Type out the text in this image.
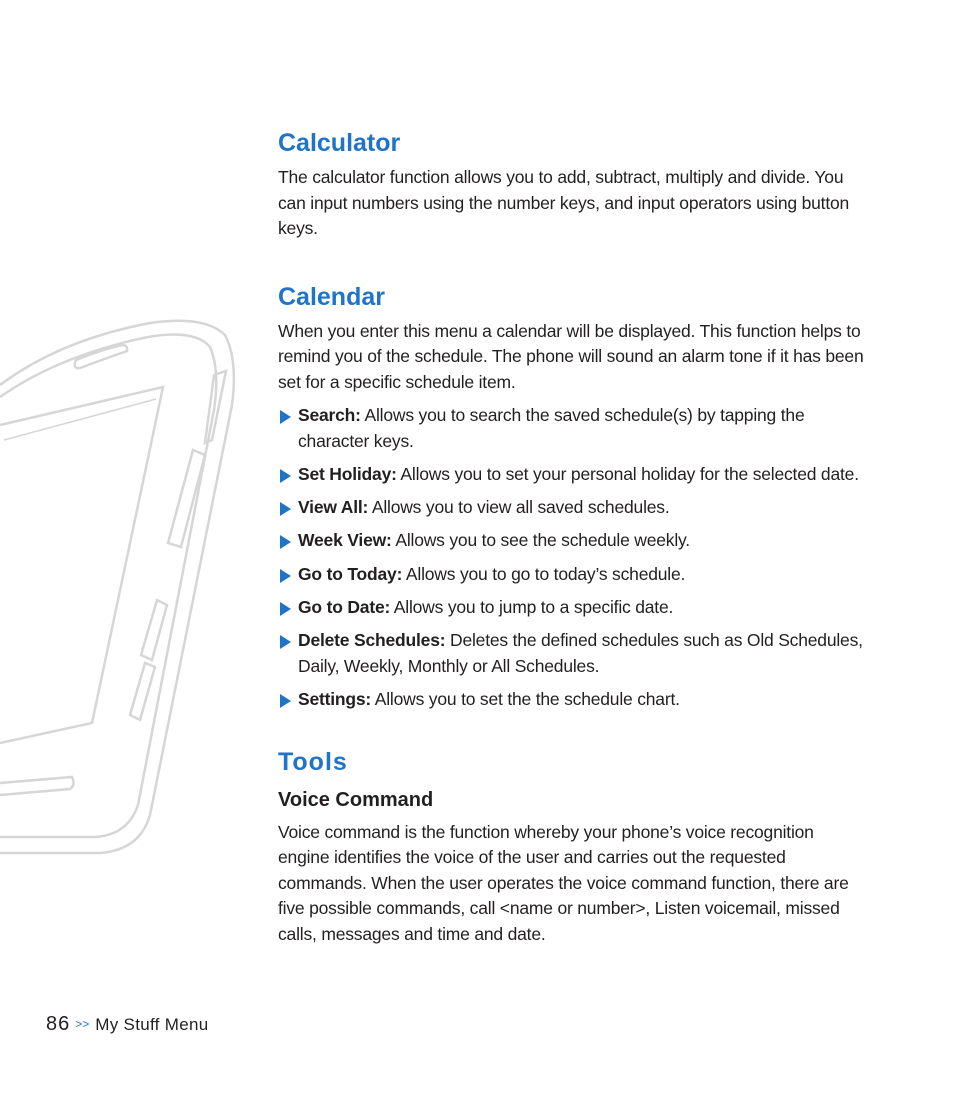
Calculator

The calculator function allows you to add, subtract, multiply and divide. You can input numbers using the number keys, and input operators using button keys.

Calendar

When you enter this menu a calendar will be displayed. This function helps to remind you of the schedule. The phone will sound an alarm tone if it has been set for a specific schedule item.

Search: Allows you to search the saved schedule(s) by tapping the character keys.
Set Holiday: Allows you to set your personal holiday for the selected date.
View All: Allows you to view all saved schedules.
Week View: Allows you to see the schedule weekly.
Go to Today: Allows you to go to today’s schedule.
Go to Date: Allows you to jump to a specific date.
Delete Schedules: Deletes the defined schedules such as Old Schedules, Daily, Weekly, Monthly or All Schedules.
Settings: Allows you to set the the schedule chart.
Tools
Voice Command

Voice command is the function whereby your phone’s voice recognition engine identifies the voice of the user and carries out the requested commands. When the user operates the voice command function, there are five possible commands, call <name or number>, Listen voicemail, missed calls, messages and time and date.

86 >> My Stuff Menu
